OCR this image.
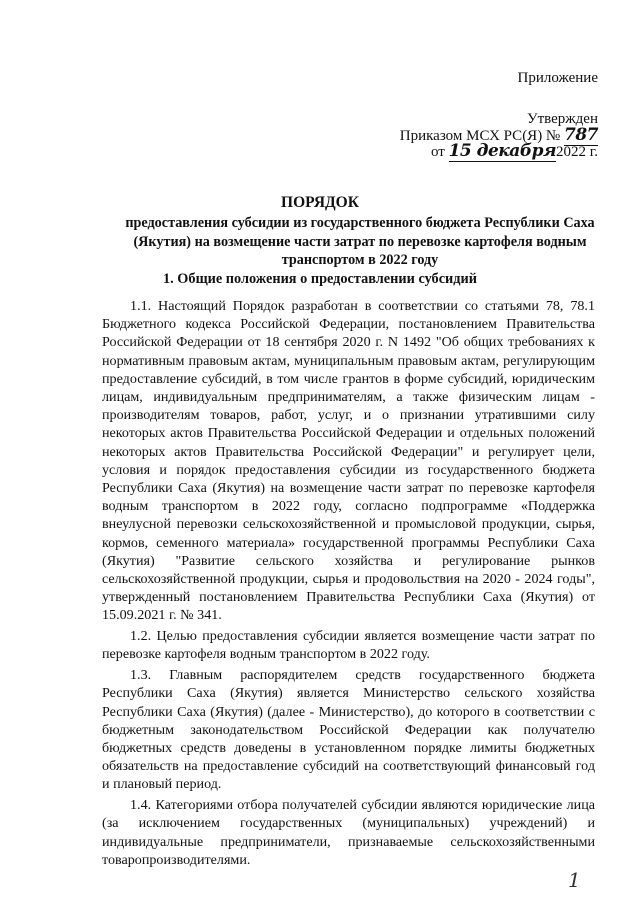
Приложение
Утвержден
Приказом МСХ РС(Я) № 787
от 15 декабря2022 г.
ПОРЯДОК
предоставления субсидии из государственного бюджета Республики Саха (Якутия) на возмещение части затрат по перевозке картофеля водным транспортом в 2022 году
1. Общие положения о предоставлении субсидий

1.1. Настоящий Порядок разработан в соответствии со статьями 78, 78.1 Бюджетного кодекса Российской Федерации, постановлением Правительства Российской Федерации от 18 сентября 2020 г. N 1492 "Об общих требованиях к нормативным правовым актам, муниципальным правовым актам, регулирующим предоставление субсидий, в том числе грантов в форме субсидий, юридическим лицам, индивидуальным предпринимателям, а также физическим лицам - производителям товаров, работ, услуг, и о признании утратившими силу некоторых актов Правительства Российской Федерации и отдельных положений некоторых актов Правительства Российской Федерации" и регулирует цели, условия и порядок предоставления субсидии из государственного бюджета Республики Саха (Якутия) на возмещение части затрат по перевозке картофеля водным транспортом в 2022 году, согласно подпрограмме «Поддержка внеулусной перевозки сельскохозяйственной и промысловой продукции, сырья, кормов, семенного материала» государственной программы Республики Саха (Якутия) "Развитие сельского хозяйства и регулирование рынков сельскохозяйственной продукции, сырья и продовольствия на 2020 - 2024 годы", утвержденный постановлением Правительства Республики Саха (Якутия) от 15.09.2021 г. № 341.

1.2. Целью предоставления субсидии является возмещение части затрат по перевозке картофеля водным транспортом в 2022 году.

1.3. Главным распорядителем средств государственного бюджета Республики Саха (Якутия) является Министерство сельского хозяйства Республики Саха (Якутия) (далее - Министерство), до которого в соответствии с бюджетным законодательством Российской Федерации как получателю бюджетных средств доведены в установленном порядке лимиты бюджетных обязательств на предоставление субсидий на соответствующий финансовый год и плановый период.

1.4. Категориями отбора получателей субсидии являются юридические лица (за исключением государственных (муниципальных) учреждений) и индивидуальные предприниматели, признаваемые сельскохозяйственными товаропроизводителями.

1
